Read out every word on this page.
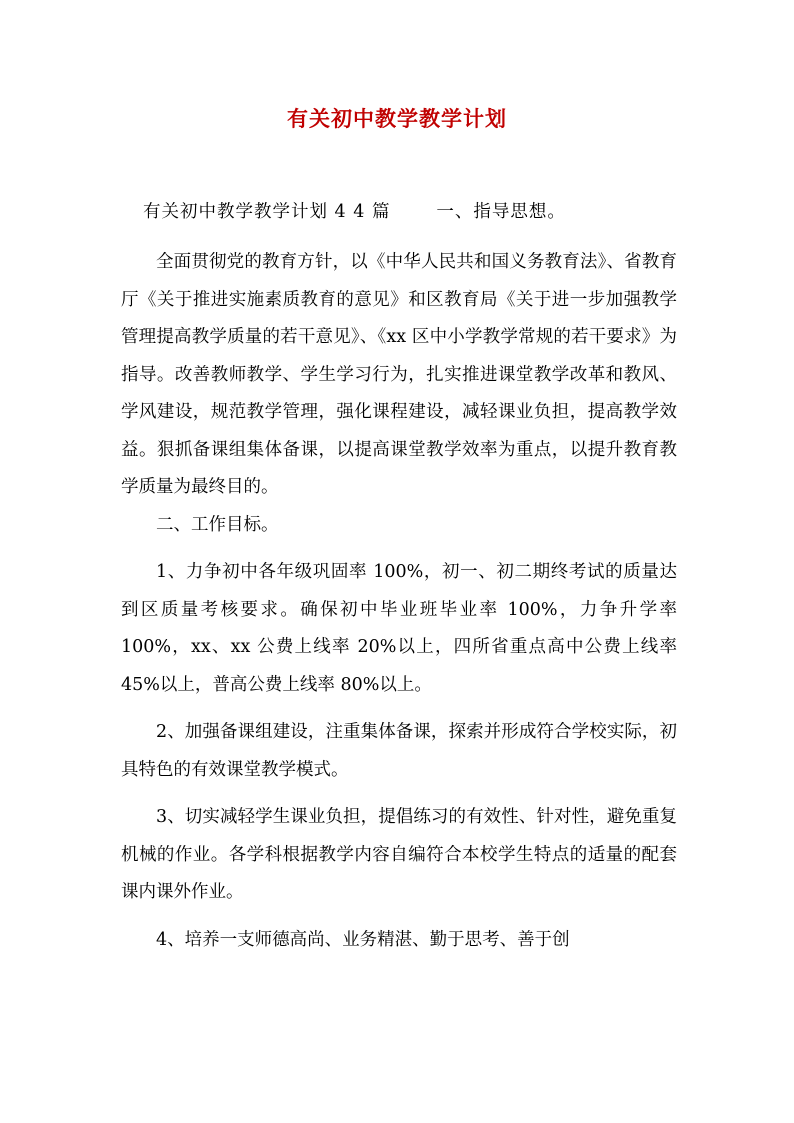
有关初中教学教学计划
有关初中教学教学计划 4 4 篇       一、指导思想。

全面贯彻党的教育方针，以《中华人民共和国义务教育法》、省教育厅《关于推进实施素质教育的意见》和区教育局《关于进一步加强教学管理提高教学质量的若干意见》、《xx 区中小学教学常规的若干要求》为指导。改善教师教学、学生学习行为，扎实推进课堂教学改革和教风、学风建设，规范教学管理，强化课程建设，减轻课业负担，提高教学效益。狠抓备课组集体备课，以提高课堂教学效率为重点，以提升教育教学质量为最终目的。

二、工作目标。

1、力争初中各年级巩固率 100%，初一、初二期终考试的质量达到区质量考核要求。确保初中毕业班毕业率 100%，力争升学率 100%，xx、xx 公费上线率 20%以上，四所省重点高中公费上线率 45%以上，普高公费上线率 80%以上。

2、加强备课组建设，注重集体备课，探索并形成符合学校实际，初具特色的有效课堂教学模式。

3、切实减轻学生课业负担，提倡练习的有效性、针对性，避免重复机械的作业。各学科根据教学内容自编符合本校学生特点的适量的配套课内课外作业。

4、培养一支师德高尚、业务精湛、勤于思考、善于创
